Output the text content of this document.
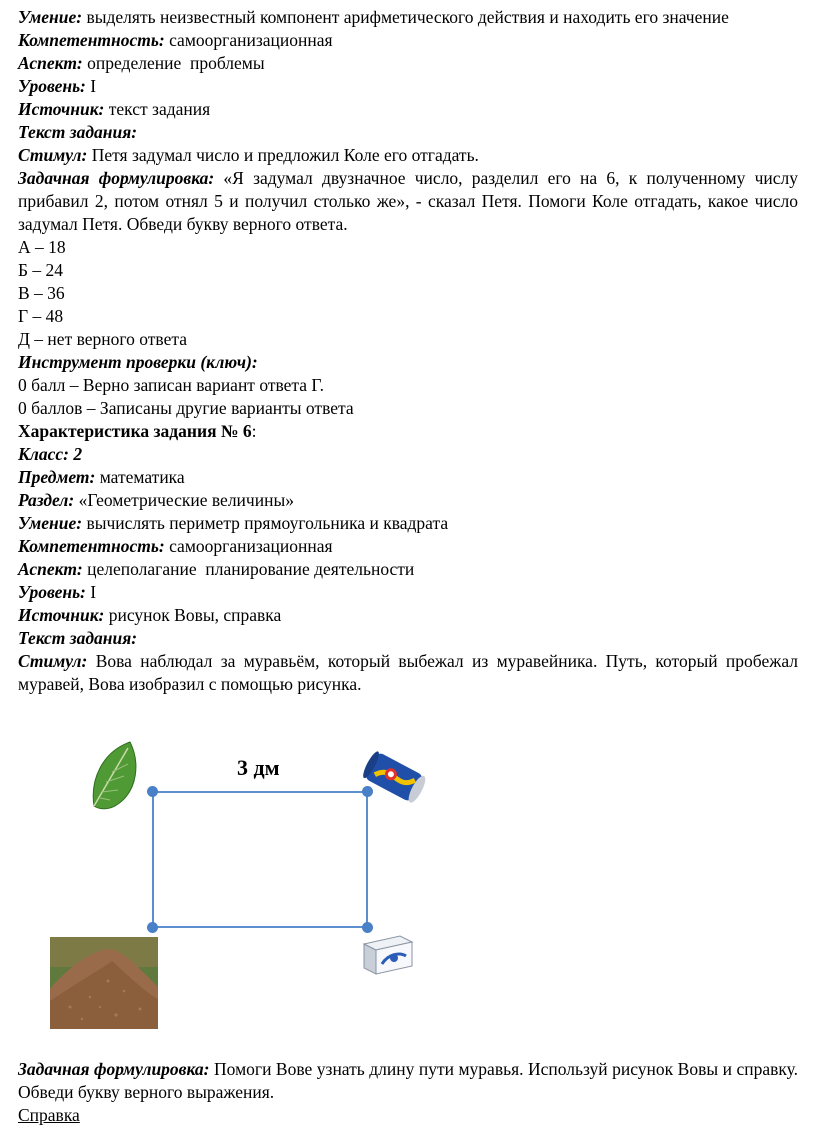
Умение: выделять неизвестный компонент арифметического действия и находить его значение
Компетентность: самоорганизационная
Аспект: определение  проблемы
Уровень: I
Источник: текст задания
Текст задания:
Стимул: Петя задумал число и предложил Коле его отгадать.
Задачная формулировка: «Я задумал двузначное число, разделил его на 6, к полученному числу прибавил 2, потом отнял 5 и получил столько же», - сказал Петя. Помоги Коле отгадать, какое число задумал Петя. Обведи букву верного ответа.
А – 18
Б – 24
В – 36
Г – 48
Д – нет верного ответа
Инструмент проверки (ключ):
0 балл – Верно записан вариант ответа Г.
0 баллов – Записаны другие варианты ответа
Характеристика задания № 6:
Класс: 2
Предмет: математика
Раздел: «Геометрические величины»
Умение: вычислять периметр прямоугольника и квадрата
Компетентность: самоорганизационная
Аспект: целеполагание  планирование деятельности
Уровень: I
Источник: рисунок Вовы, справка
Текст задания:
Стимул: Вова наблюдал за муравьём, который выбежал из муравейника. Путь, который пробежал муравей, Вова изобразил с помощью рисунка.
3 дм
Задачная формулировка: Помоги Вове узнать длину пути муравья. Используй рисунок Вовы и справку. Обведи букву верного выражения.
Справка
